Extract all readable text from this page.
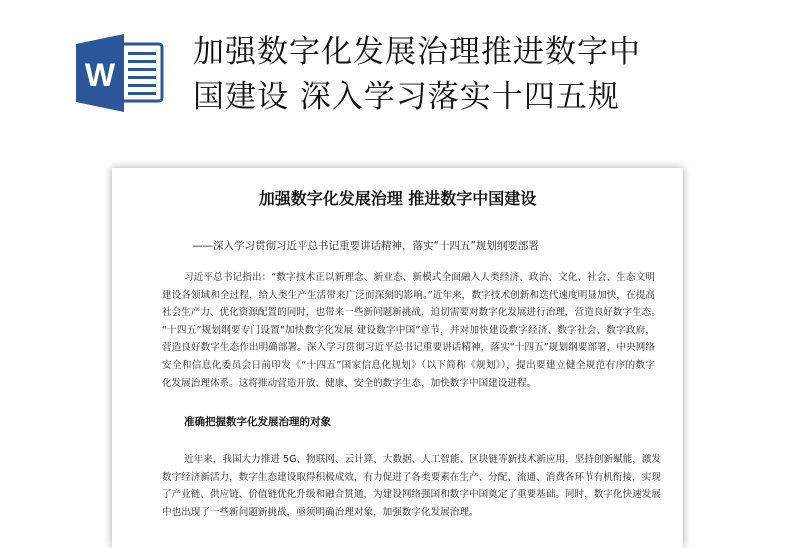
W
加强数字化发展治理推进数字中
国建设 深入学习落实十四五规
加强数字化发展治理 推进数字中国建设
——深入学习贯彻习近平总书记重要讲话精神，落实“十四五”规划纲要部署
习近平总书记指出：“数字技术正以新理念、新业态、新模式全面融入人类经济、政治、文化、社会、生态文明
建设各领域和全过程，给人类生产生活带来广泛而深刻的影响。”近年来，数字技术创新和迭代速度明显加快，在提高
社会生产力、优化资源配置的同时，也带来一些新问题新挑战，迫切需要对数字化发展进行治理，营造良好数字生态。
“十四五”规划纲要专门设置“加快数字化发展 建设数字中国”章节，并对加快建设数字经济、数字社会、数字政府，
营造良好数字生态作出明确部署。深入学习贯彻习近平总书记重要讲话精神，落实“十四五”规划纲要部署，中央网络
安全和信息化委员会日前印发《“十四五”国家信息化规划》（以下简称《规划》），提出要建立健全规范有序的数字
化发展治理体系。这将推动营造开放、健康、安全的数字生态，加快数字中国建设进程。
准确把握数字化发展治理的对象
近年来，我国大力推进 5G、物联网、云计算、大数据、人工智能、区块链等新技术新应用，坚持创新赋能，激发
数字经济新活力，数字生态建设取得积极成效，有力促进了各类要素在生产、分配、流通、消费各环节有机衔接，实现
了产业链、供应链、价值链优化升级和融合贯通，为建设网络强国和数字中国奠定了重要基础。同时，数字化快速发展
中也出现了一些新问题新挑战，亟须明确治理对象，加强数字化发展治理。
